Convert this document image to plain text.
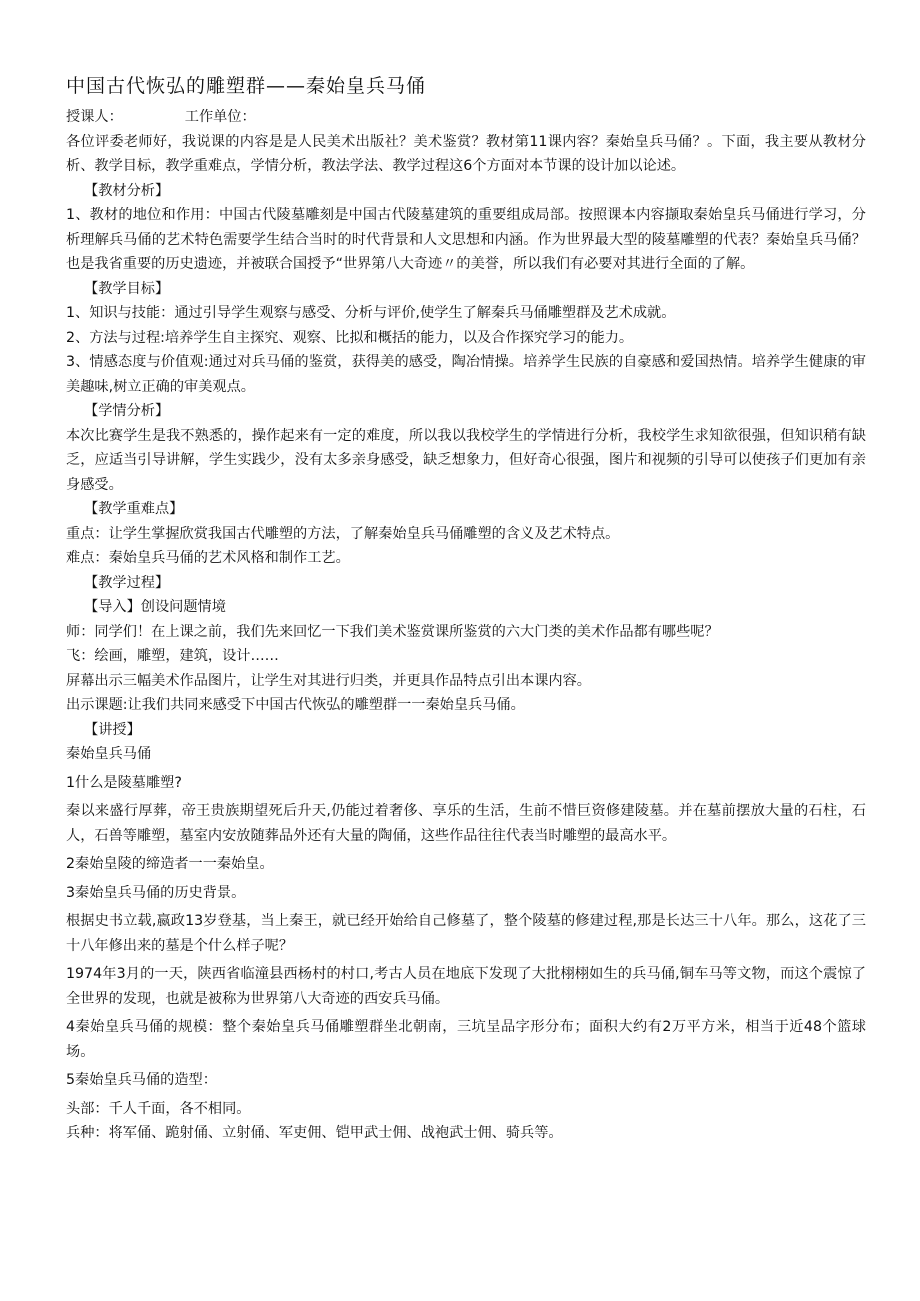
中国古代恢弘的雕塑群——秦始皇兵马俑

授课人：	工作单位：

各位评委老师好，我说课的内容是是人民美术出版社？美术鉴赏？教材第11课内容？秦始皇兵马俑？。下面，我主要从教材分析、教学目标，教学重难点，学情分析，教法学法、教学过程这6个方面对本节课的设计加以论述。

【教材分析】

1、教材的地位和作用：中国古代陵墓雕刻是中国古代陵墓建筑的重要组成局部。按照课本内容撷取秦始皇兵马俑进行学习，分析理解兵马俑的艺术特色需要学生结合当时的时代背景和人文思想和内涵。作为世界最大型的陵墓雕塑的代表？秦始皇兵马俑？也是我省重要的历史遗迹，并被联合国授予“世界第八大奇迹〃的美誉，所以我们有必要对其进行全面的了解。

【教学目标】

1、知识与技能：通过引导学生观察与感受、分析与评价,使学生了解秦兵马俑雕塑群及艺术成就。

2、方法与过程:培养学生自主探究、观察、比拟和概括的能力，以及合作探究学习的能力。

3、情感态度与价值观:通过对兵马俑的鉴赏，获得美的感受，陶冶情操。培养学生民族的自豪感和爱国热情。培养学生健康的审美趣味,树立正确的审美观点。

【学情分析】

本次比赛学生是我不熟悉的，操作起来有一定的难度，所以我以我校学生的学情进行分析，我校学生求知欲很强，但知识稍有缺乏，应适当引导讲解，学生实践少，没有太多亲身感受，缺乏想象力，但好奇心很强，图片和视频的引导可以使孩子们更加有亲身感受。

【教学重难点】

重点：让学生掌握欣赏我国古代雕塑的方法，了解秦始皇兵马俑雕塑的含义及艺术特点。

难点：秦始皇兵马俑的艺术风格和制作工艺。

【教学过程】

【导入】创设问题情境

师：同学们！在上课之前，我们先来回忆一下我们美术鉴赏课所鉴赏的六大门类的美术作品都有哪些呢？

飞：绘画，雕塑，建筑，设计……

屏幕出示三幅美术作品图片，让学生对其进行归类，并更具作品特点引出本课内容。

出示课题:让我们共同来感受下中国古代恢弘的雕塑群一一秦始皇兵马俑。

【讲授】

秦始皇兵马俑

1什么是陵墓雕塑?

秦以来盛行厚葬，帝王贵族期望死后升天,仍能过着奢侈、享乐的生活，生前不惜巨资修建陵墓。并在墓前摆放大量的石柱，石人，石兽等雕塑，墓室内安放随葬品外还有大量的陶俑，这些作品往往代表当时雕塑的最高水平。

2秦始皇陵的缔造者一一秦始皇。

3秦始皇兵马俑的历史背景。

根据史书立载,嬴政13岁登基，当上秦王，就已经开始给自己修墓了，整个陵墓的修建过程,那是长达三十八年。那么，这花了三十八年修出来的墓是个什么样子呢？

1974年3月的一天，陕西省临潼县西杨村的村口,考古人员在地底下发现了大批栩栩如生的兵马俑,铜车马等文物，而这个震惊了全世界的发现，也就是被称为世界第八大奇迹的西安兵马俑。

4秦始皇兵马俑的规模：整个秦始皇兵马俑雕塑群坐北朝南，三坑呈品字形分布；面积大约有2万平方米，相当于近48个篮球场。

5秦始皇兵马俑的造型：

头部：千人千面，各不相同。

兵种：将军俑、跪射俑、立射俑、军吏佣、铠甲武士佣、战袍武士佣、骑兵等。
